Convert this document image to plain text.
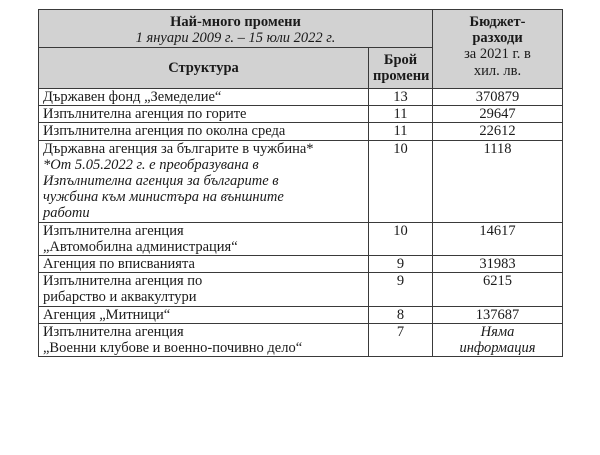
Най-много промени
1 януари 2009 г. – 15 юли 2022 г.		Бюджет-
разходи
за 2021 г. в
хил. лв.

Структура	Брой
промени	

Държавен фонд „Земеделие“	13	370879

Изпълнителна агенция по горите	11	29647

Изпълнителна агенция по околна среда	11	22612

Държавна агенция за българите в чужбина*
*От 5.05.2022 г. е преобразувана в
Изпълнителна агенция за българите в
чужбина към министъра на външните
работи	10	1118

Изпълнителна агенция
„Автомобилна администрация“	10	14617

Агенция по вписванията	9	31983

Изпълнителна агенция по
рибарство и аквакултури	9	6215

Агенция „Митници“	8	137687

Изпълнителна агенция
„Военни клубове и военно-почивно дело“	7	Няма
информация
